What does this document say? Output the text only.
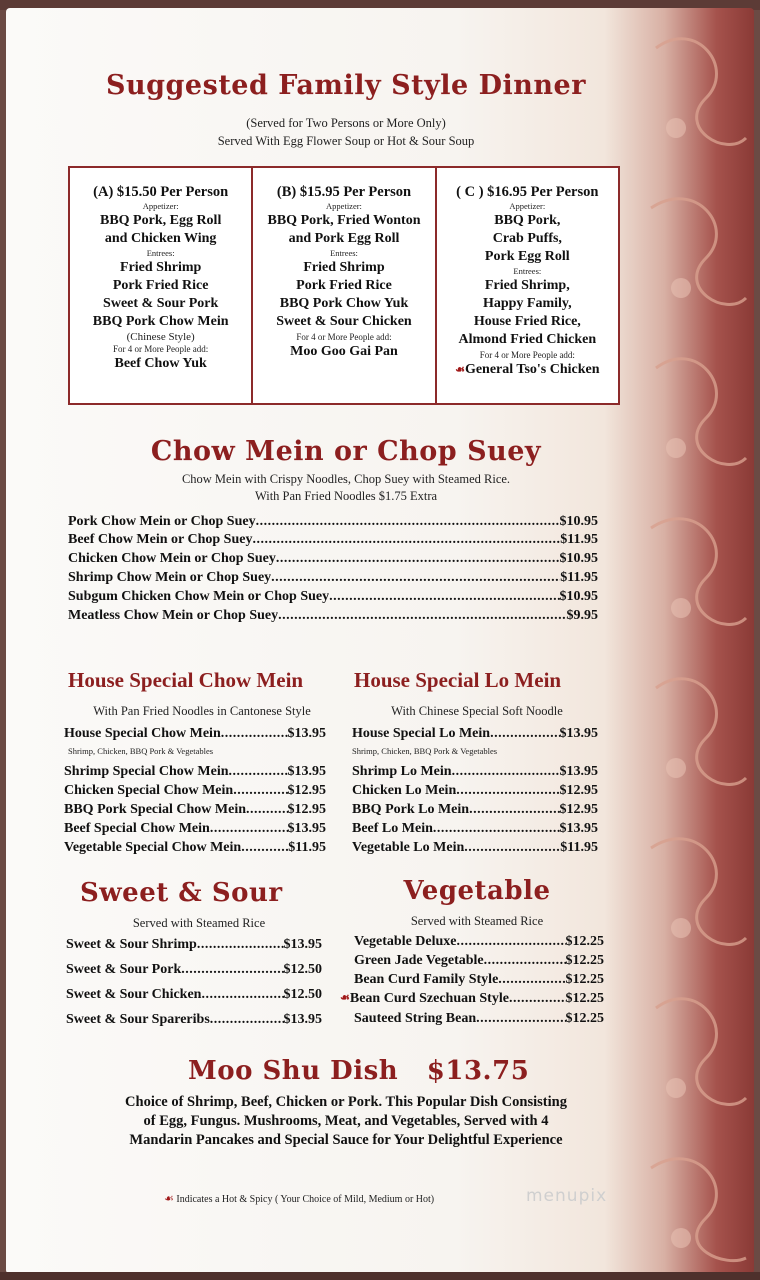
Suggested Family Style Dinner
(Served for Two Persons or More Only)
Served With Egg Flower Soup or Hot & Sour Soup
(A) $15.50 Per Person
Appetizer:
BBQ Pork, Egg Roll
and Chicken Wing
Entrees:
Fried Shrimp
Pork Fried Rice
Sweet & Sour Pork
BBQ Pork Chow Mein
(Chinese Style)
For 4 or More People add:
Beef Chow Yuk
(B) $15.95 Per Person
Appetizer:
BBQ Pork, Fried Wonton
and Pork Egg Roll
Entrees:
Fried Shrimp
Pork Fried Rice
BBQ Pork Chow Yuk
Sweet & Sour Chicken
For 4 or More People add:
Moo Goo Gai Pan
( C ) $16.95 Per Person
Appetizer:
BBQ Pork,
Crab Puffs,
Pork Egg Roll
Entrees:
Fried Shrimp,
Happy Family,
House Fried Rice,
Almond Fried Chicken
For 4 or More People add:
☙General Tso's Chicken
Chow Mein or Chop Suey
Chow Mein with Crispy Noodles, Chop Suey with Steamed Rice.
With Pan Fried Noodles $1.75 Extra
Pork Chow Mein or Chop Suey .....	$10.95
Beef Chow Mein or Chop Suey .....	$11.95
Chicken Chow Mein or Chop Suey .....	$10.95
Shrimp Chow Mein or Chop Suey .....	$11.95
Subgum Chicken Chow Mein or Chop Suey .....	$10.95
Meatless Chow Mein or Chop Suey .....	$9.95
House Special Chow Mein
With Pan Fried Noodles in Cantonese Style
House Special Chow Mein .....	$13.95
Shrimp, Chicken, BBQ Pork & Vegetables
Shrimp Special Chow Mein .....	$13.95
Chicken Special Chow Mein .....	$12.95
BBQ Pork Special Chow Mein .....	$12.95
Beef Special Chow Mein .....	$13.95
Vegetable Special Chow Mein .....	$11.95
House Special Lo Mein
With Chinese Special Soft Noodle
House Special Lo Mein .....	$13.95
Shrimp, Chicken, BBQ Pork & Vegetables
Shrimp Lo Mein .....	$13.95
Chicken Lo Mein .....	$12.95
BBQ Pork Lo Mein .....	$12.95
Beef Lo Mein .....	$13.95
Vegetable Lo Mein .....	$11.95
Sweet & Sour
Served with Steamed Rice
Sweet & Sour Shrimp .....	$13.95
Sweet & Sour Pork .....	$12.50
Sweet & Sour Chicken .....	$12.50
Sweet & Sour Spareribs .....	$13.95
Vegetable
Served with Steamed Rice
Vegetable Deluxe .....	$12.25
Green Jade Vegetable .....	$12.25
Bean Curd Family Style .....	$12.25
☙ Bean Curd Szechuan Style .....	$12.25
Sauteed String Bean .....	$12.25
Moo Shu Dish $13.75
Choice of Shrimp, Beef, Chicken or Pork. This Popular Dish Consisting
of Egg, Fungus. Mushrooms, Meat, and Vegetables, Served with 4
Mandarin Pancakes and Special Sauce for Your Delightful Experience
☙ Indicates a Hot & Spicy ( Your Choice of Mild, Medium or Hot)	menupix
